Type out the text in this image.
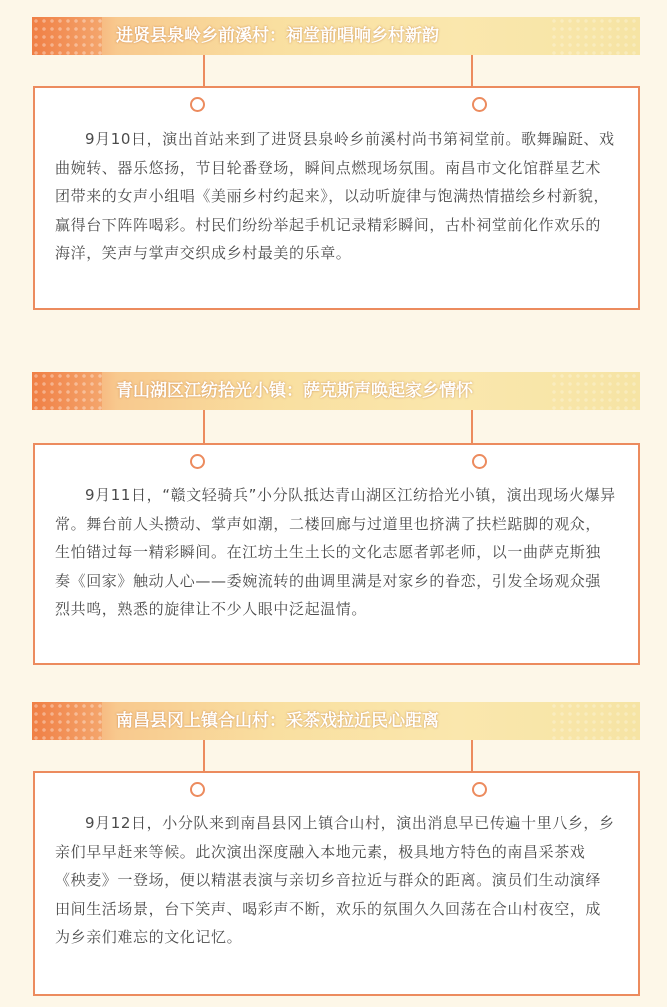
进贤县泉岭乡前溪村：祠堂前唱响乡村新韵

9月10日，演出首站来到了进贤县泉岭乡前溪村尚书第祠堂前。歌舞蹁跹、戏曲婉转、器乐悠扬，节目轮番登场，瞬间点燃现场氛围。南昌市文化馆群星艺术团带来的女声小组唱《美丽乡村约起来》，以动听旋律与饱满热情描绘乡村新貌，赢得台下阵阵喝彩。村民们纷纷举起手机记录精彩瞬间，古朴祠堂前化作欢乐的海洋，笑声与掌声交织成乡村最美的乐章。

青山湖区江纺拾光小镇：萨克斯声唤起家乡情怀

9月11日，“赣文轻骑兵”小分队抵达青山湖区江纺拾光小镇，演出现场火爆异常。舞台前人头攒动、掌声如潮，二楼回廊与过道里也挤满了扶栏踮脚的观众，生怕错过每一精彩瞬间。在江坊土生土长的文化志愿者郭老师，以一曲萨克斯独奏《回家》触动人心——委婉流转的曲调里满是对家乡的眷恋，引发全场观众强烈共鸣，熟悉的旋律让不少人眼中泛起温情。

南昌县冈上镇合山村：采茶戏拉近民心距离

9月12日，小分队来到南昌县冈上镇合山村，演出消息早已传遍十里八乡，乡亲们早早赶来等候。此次演出深度融入本地元素，极具地方特色的南昌采茶戏《秧麦》一登场，便以精湛表演与亲切乡音拉近与群众的距离。演员们生动演绎田间生活场景，台下笑声、喝彩声不断，欢乐的氛围久久回荡在合山村夜空，成为乡亲们难忘的文化记忆。
